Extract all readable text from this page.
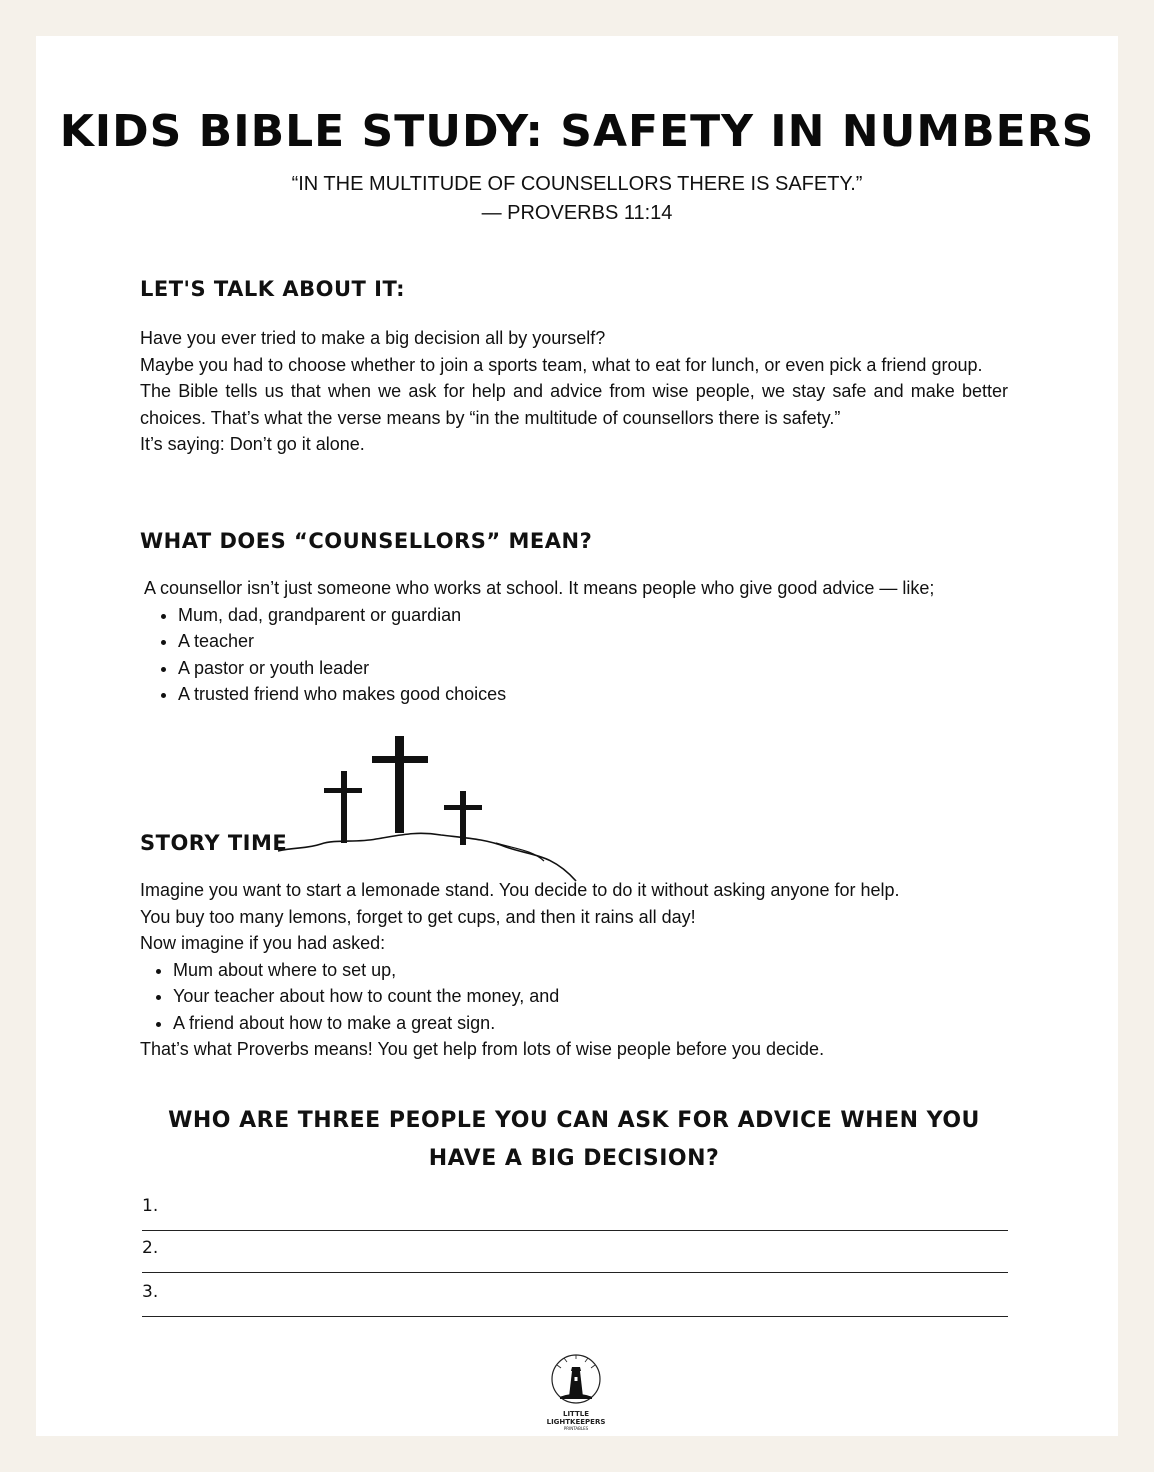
KIDS BIBLE STUDY: SAFETY IN NUMBERS
“IN THE MULTITUDE OF COUNSELLORS THERE IS SAFETY.”
— PROVERBS 11:14
LET'S TALK ABOUT IT:

Have you ever tried to make a big decision all by yourself?

Maybe you had to choose whether to join a sports team, what to eat for lunch, or even pick a friend group.

The Bible tells us that when we ask for help and advice from wise people, we stay safe and make better choices. That’s what the verse means by “in the multitude of counsellors there is safety.”

It’s saying: Don’t go it alone.

WHAT DOES “COUNSELLORS” MEAN?

A counsellor isn’t just someone who works at school. It means people who give good advice — like;

• Mum, dad, grandparent or guardian
• A teacher
• A pastor or youth leader
• A trusted friend who makes good choices
STORY TIME

Imagine you want to start a lemonade stand. You decide to do it without asking anyone for help.

You buy too many lemons, forget to get cups, and then it rains all day!

Now imagine if you had asked:

• Mum about where to set up,
• Your teacher about how to count the money, and
• A friend about how to make a great sign.

That’s what Proverbs means! You get help from lots of wise people before you decide.

WHO ARE THREE PEOPLE YOU CAN ASK FOR ADVICE WHEN YOU HAVE A BIG DECISION?
1.
2.
3.
LITTLE
LIGHTKEEPERS
PRINTABLES
